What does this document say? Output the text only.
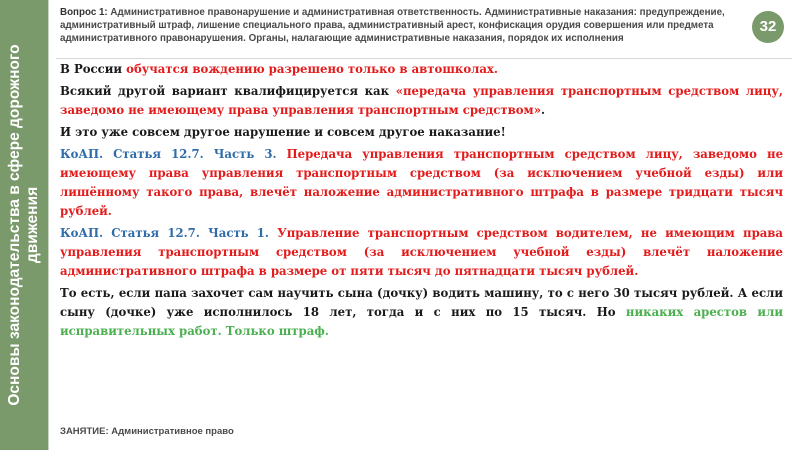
Основы законодательства в сфере дорожного движения
Вопрос 1: Административное правонарушение и административная ответственность. Административные наказания: предупреждение, административный штраф, лишение специального права, административный арест, конфискация орудия совершения или предмета административного правонарушения. Органы, налагающие административные наказания, порядок их исполнения
32

В России обучатся вождению разрешено только в автошколах.

Всякий другой вариант квалифицируется как «передача управления транспортным средством лицу, заведомо не имеющему права управления транспортным средством».

И это уже совсем другое нарушение и совсем другое наказание!

КоАП. Статья 12.7. Часть 3. Передача управления транспортным средством лицу, заведомо не имеющему права управления транспортным средством (за исключением учебной езды) или лишённому такого права, влечёт наложение административного штрафа в размере тридцати тысяч рублей.

КоАП. Статья 12.7. Часть 1. Управление транспортным средством водителем, не имеющим права управления транспортным средством (за исключением учебной езды) влечёт наложение административного штрафа в размере от пяти тысяч до пятнадцати тысяч рублей.

То есть, если папа захочет сам научить сына (дочку) водить машину, то с него 30 тысяч рублей. А если сыну (дочке) уже исполнилось 18 лет, тогда и с них по 15 тысяч. Но никаких арестов или исправительных работ. Только штраф.

ЗАНЯТИЕ: Административное право
